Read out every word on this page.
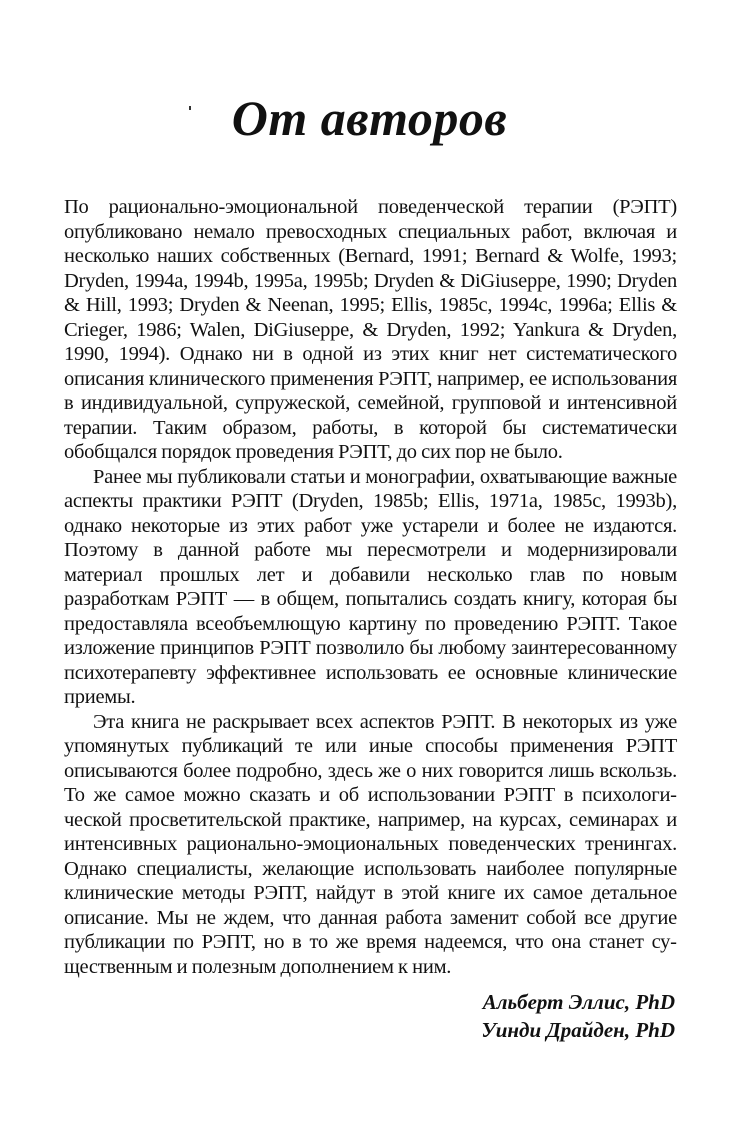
От авторов

По рационально-эмоциональной поведенческой терапии (РЭПТ) опубликовано немало превосходных специальных работ, включая и несколько наших собственных (Bernard, 1991; Bernard & Wolfe, 1993; Dryden, 1994a, 1994b, 1995a, 1995b; Dryden & DiGiuseppe, 1990; Dryden & Hill, 1993; Dryden & Neenan, 1995; Ellis, 1985c, 1994c, 1996a; Ellis & Crieger, 1986; Walen, DiGiuseppe, & Dryden, 1992; Yankura & Dryden, 1990, 1994). Однако ни в одной из этих книг нет систематического описания клинического применения РЭПТ, например, ее использования в индивидуальной, супружеской, семейной, групповой и интенсивной терапии. Таким образом, работы, в которой бы систематически обобщался порядок проведения РЭПТ, до сих пор не было.

Ранее мы публиковали статьи и монографии, охватывающие важные аспекты практики РЭПТ (Dryden, 1985b; Ellis, 1971a, 1985c, 1993b), однако некоторые из этих работ уже устарели и более не издаются. Поэтому в данной работе мы пересмотрели и модернизировали материал прошлых лет и добавили несколько глав по новым разработкам РЭПТ — в общем, попытались создать книгу, которая бы предоставляла всеобъемлющую картину по проведению РЭПТ. Такое изложение принципов РЭПТ позволило бы любому заинтересованному психотерапевту эффективнее использовать ее основные клинические приемы.

Эта книга не раскрывает всех аспектов РЭПТ. В некоторых из уже упомянутых публикаций те или иные способы применения РЭПТ описываются более подробно, здесь же о них говорится лишь вскользь. То же самое можно сказать и об использовании РЭПТ в психологической просветительской практике, например, на курсах, семинарах и интенсивных рационально-эмоциональных поведенческих тренингах. Однако специалисты, желающие использовать наиболее популярные клинические методы РЭПТ, найдут в этой книге их самое детальное описание. Мы не ждем, что данная работа заменит собой все другие публикации по РЭПТ, но в то же время надеемся, что она станет существенным и полезным дополнением к ним.

Альберт Эллис, PhD
Уинди Драйден, PhD
